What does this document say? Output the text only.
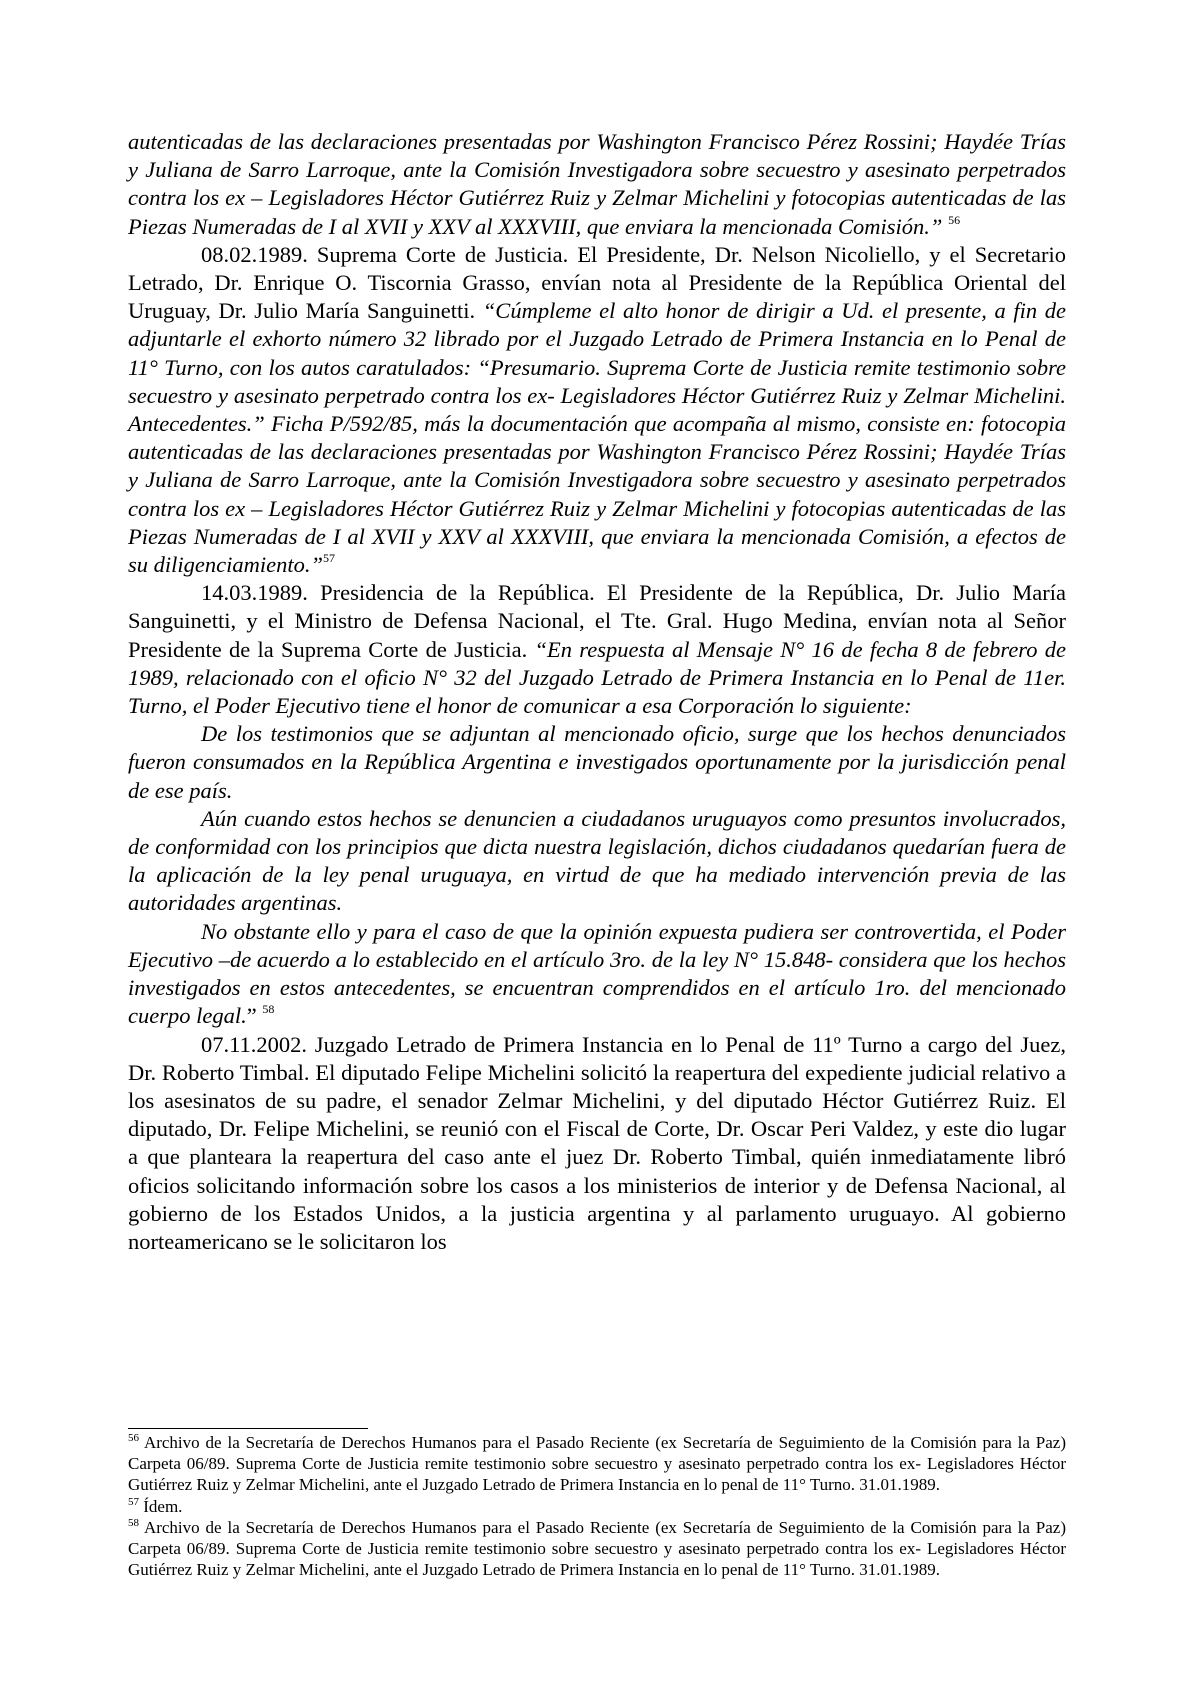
autenticadas de las declaraciones presentadas por Washington Francisco Pérez Rossini; Haydée Trías y Juliana de Sarro Larroque, ante la Comisión Investigadora sobre secuestro y asesinato perpetrados contra los ex – Legisladores Héctor Gutiérrez Ruiz y Zelmar Michelini y fotocopias autenticadas de las Piezas Numeradas de I al XVII y XXV al XXXVIII, que enviara la mencionada Comisión.” $^{56}$

08.02.1989. Suprema Corte de Justicia. El Presidente, Dr. Nelson Nicoliello, y el Secretario Letrado, Dr. Enrique O. Tiscornia Grasso, envían nota al Presidente de la República Oriental del Uruguay, Dr. Julio María Sanguinetti. “Cúmpleme el alto honor de dirigir a Ud. el presente, a fin de adjuntarle el exhorto número 32 librado por el Juzgado Letrado de Primera Instancia en lo Penal de 11° Turno, con los autos caratulados: “Presumario. Suprema Corte de Justicia remite testimonio sobre secuestro y asesinato perpetrado contra los ex- Legisladores Héctor Gutiérrez Ruiz y Zelmar Michelini. Antecedentes.” Ficha P/592/85, más la documentación que acompaña al mismo, consiste en: fotocopia autenticadas de las declaraciones presentadas por Washington Francisco Pérez Rossini; Haydée Trías y Juliana de Sarro Larroque, ante la Comisión Investigadora sobre secuestro y asesinato perpetrados contra los ex – Legisladores Héctor Gutiérrez Ruiz y Zelmar Michelini y fotocopias autenticadas de las Piezas Numeradas de I al XVII y XXV al XXXVIII, que enviara la mencionada Comisión, a efectos de su diligenciamiento.”$^{57}$

14.03.1989. Presidencia de la República. El Presidente de la República, Dr. Julio María Sanguinetti, y el Ministro de Defensa Nacional, el Tte. Gral. Hugo Medina, envían nota al Señor Presidente de la Suprema Corte de Justicia. “En respuesta al Mensaje N° 16 de fecha 8 de febrero de 1989, relacionado con el oficio N° 32 del Juzgado Letrado de Primera Instancia en lo Penal de 11er. Turno, el Poder Ejecutivo tiene el honor de comunicar a esa Corporación lo siguiente:

De los testimonios que se adjuntan al mencionado oficio, surge que los hechos denunciados fueron consumados en la República Argentina e investigados oportunamente por la jurisdicción penal de ese país.

Aún cuando estos hechos se denuncien a ciudadanos uruguayos como presuntos involucrados, de conformidad con los principios que dicta nuestra legislación, dichos ciudadanos quedarían fuera de la aplicación de la ley penal uruguaya, en virtud de que ha mediado intervención previa de las autoridades argentinas.

No obstante ello y para el caso de que la opinión expuesta pudiera ser controvertida, el Poder Ejecutivo –de acuerdo a lo establecido en el artículo 3ro. de la ley N° 15.848- considera que los hechos investigados en estos antecedentes, se encuentran comprendidos en el artículo 1ro. del mencionado cuerpo legal.” $^{58}$

07.11.2002. Juzgado Letrado de Primera Instancia en lo Penal de 11º Turno a cargo del Juez, Dr. Roberto Timbal. El diputado Felipe Michelini solicitó la reapertura del expediente judicial relativo a los asesinatos de su padre, el senador Zelmar Michelini, y del diputado Héctor Gutiérrez Ruiz. El diputado, Dr. Felipe Michelini, se reunió con el Fiscal de Corte, Dr. Oscar Peri Valdez, y este dio lugar a que planteara la reapertura del caso ante el juez Dr. Roberto Timbal, quién inmediatamente libró oficios solicitando información sobre los casos a los ministerios de interior y de Defensa Nacional, al gobierno de los Estados Unidos, a la justicia argentina y al parlamento uruguayo. Al gobierno norteamericano se le solicitaron los

$^{56}$ Archivo de la Secretaría de Derechos Humanos para el Pasado Reciente (ex Secretaría de Seguimiento de la Comisión para la Paz) Carpeta 06/89. Suprema Corte de Justicia remite testimonio sobre secuestro y asesinato perpetrado contra los ex- Legisladores Héctor Gutiérrez Ruiz y Zelmar Michelini, ante el Juzgado Letrado de Primera Instancia en lo penal de 11° Turno. 31.01.1989.

$^{57}$ Ídem.

$^{58}$ Archivo de la Secretaría de Derechos Humanos para el Pasado Reciente (ex Secretaría de Seguimiento de la Comisión para la Paz) Carpeta 06/89. Suprema Corte de Justicia remite testimonio sobre secuestro y asesinato perpetrado contra los ex- Legisladores Héctor Gutiérrez Ruiz y Zelmar Michelini, ante el Juzgado Letrado de Primera Instancia en lo penal de 11° Turno. 31.01.1989.
